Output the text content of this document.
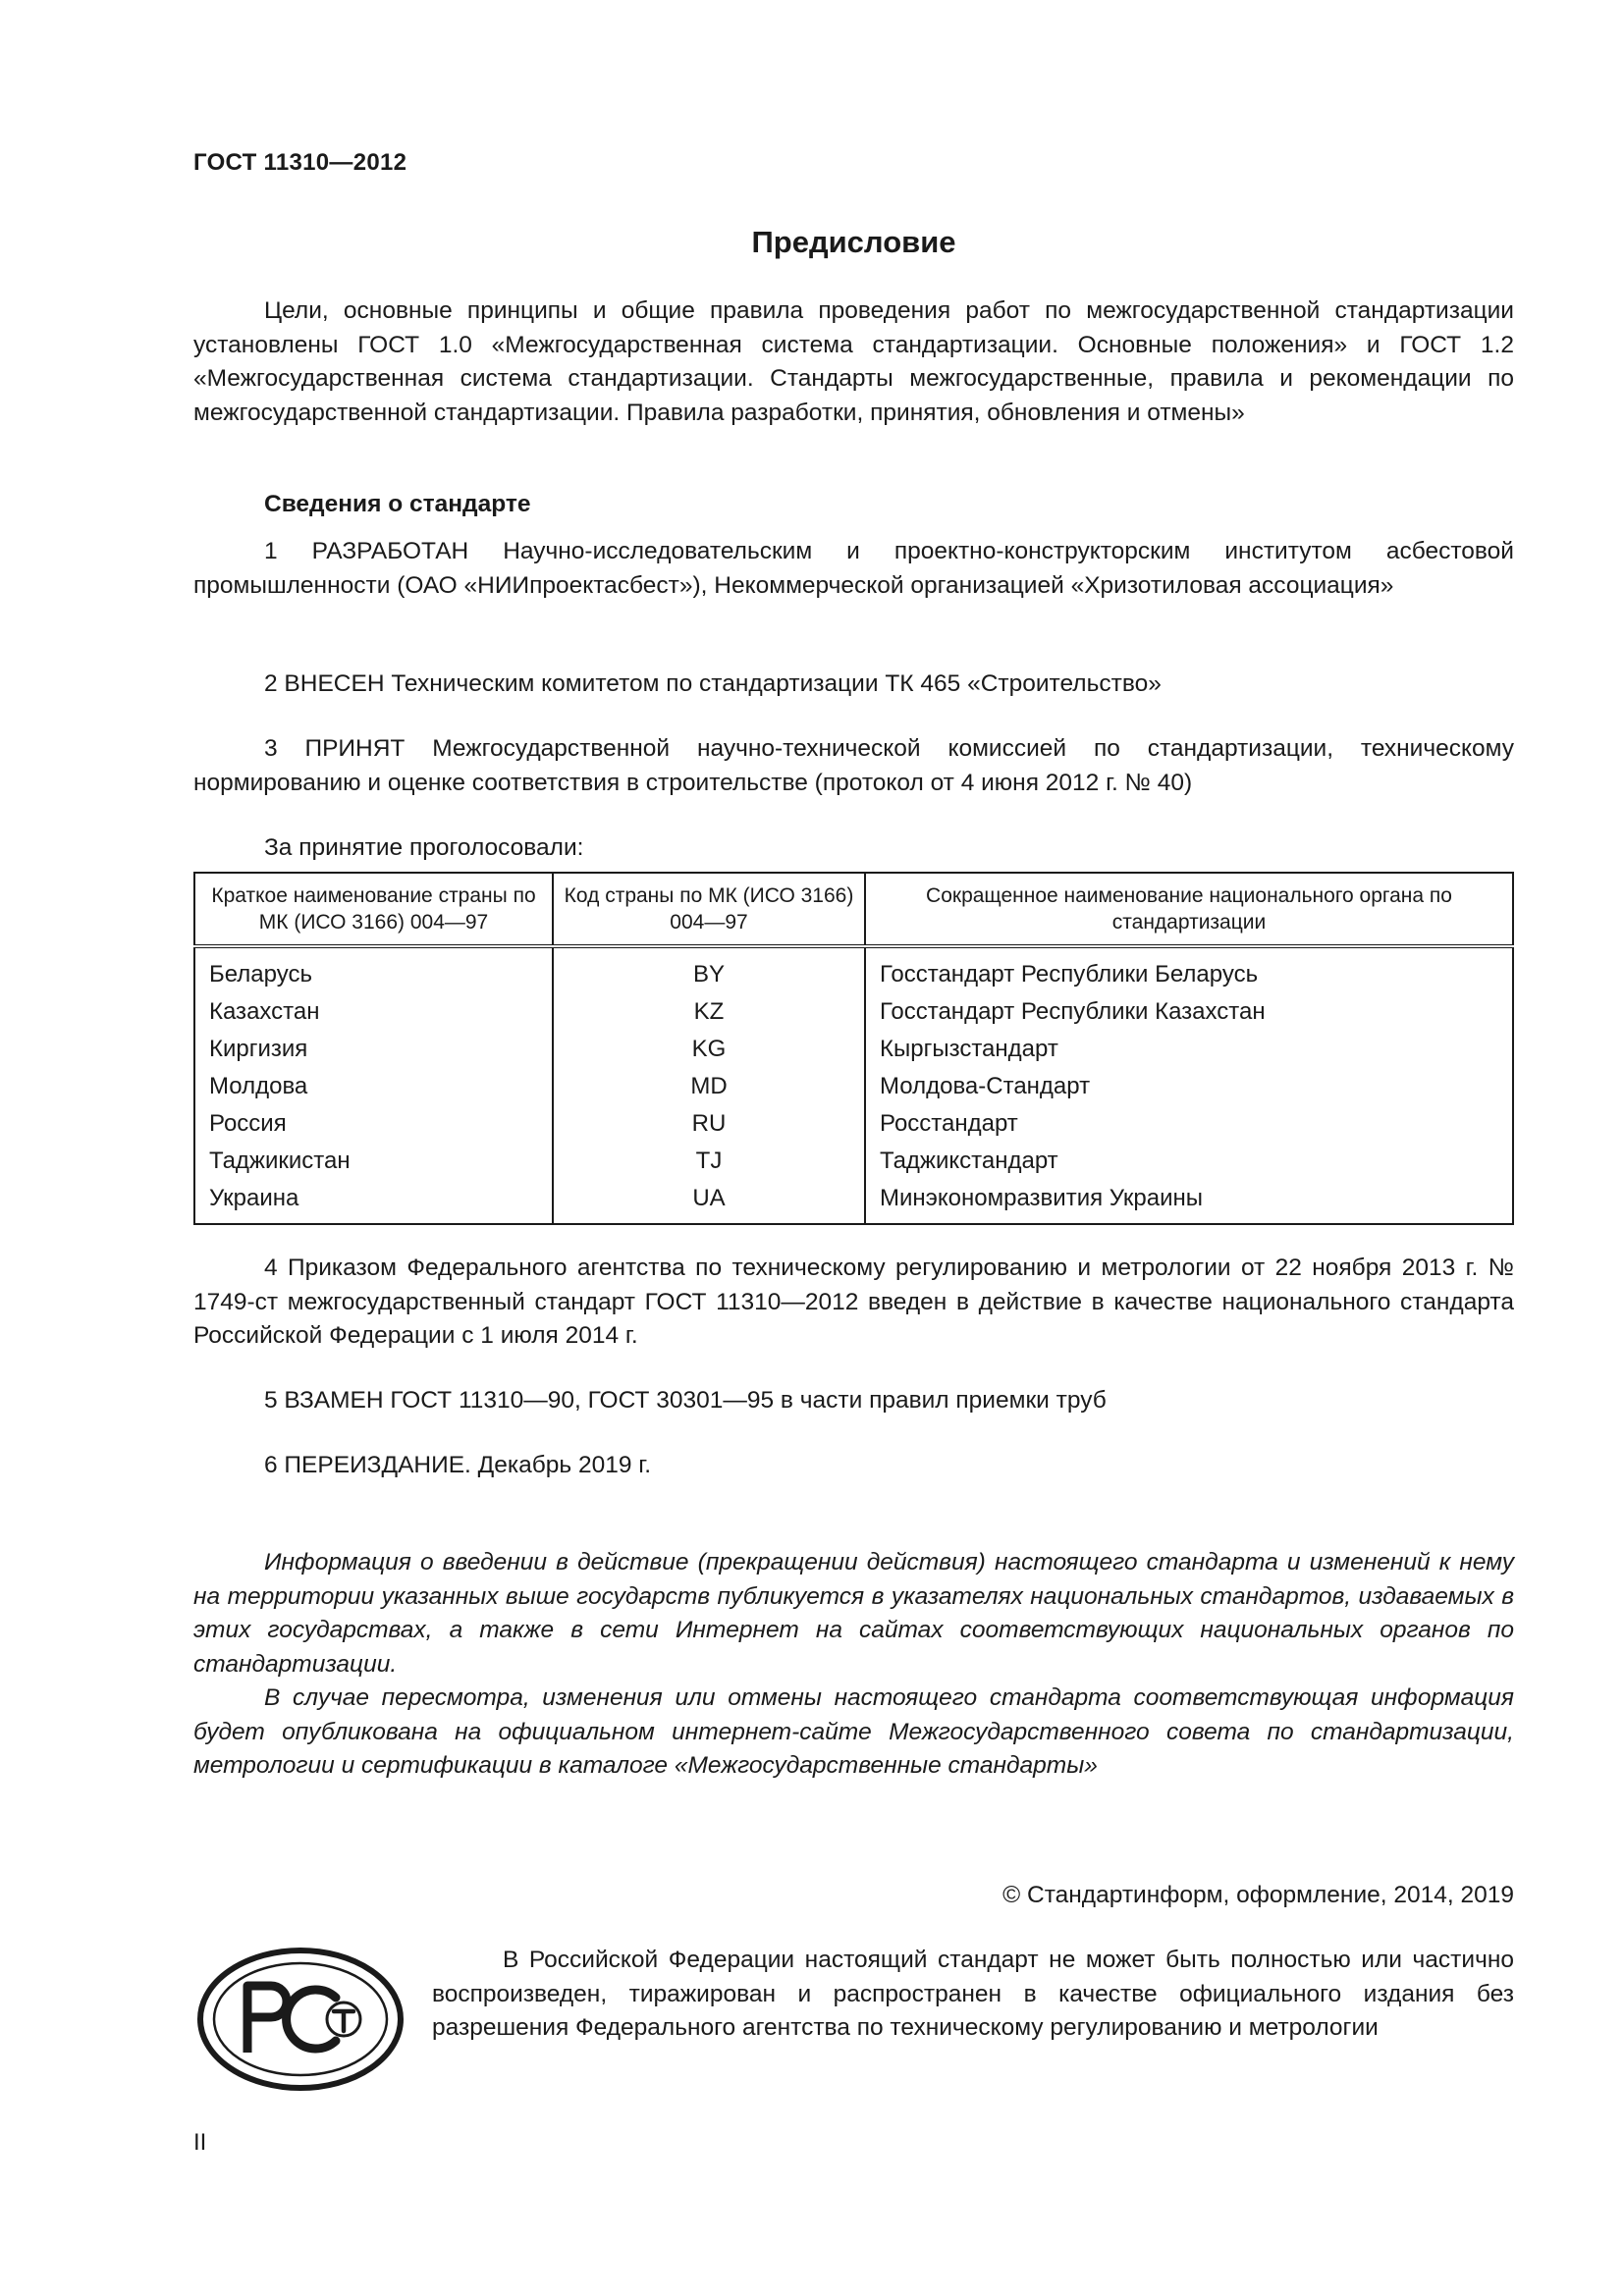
ГОСТ 11310—2012
Предисловие
Цели, основные принципы и общие правила проведения работ по межгосударственной стандартизации установлены ГОСТ 1.0 «Межгосударственная система стандартизации. Основные положения» и ГОСТ 1.2 «Межгосударственная система стандартизации. Стандарты межгосударственные, правила и рекомендации по межгосударственной стандартизации. Правила разработки, принятия, обновления и отмены»
Сведения о стандарте
1 РАЗРАБОТАН Научно-исследовательским и проектно-конструкторским институтом асбестовой промышленности (ОАО «НИИпроектасбест»), Некоммерческой организацией «Хризотиловая ассоциация»
2 ВНЕСЕН Техническим комитетом по стандартизации ТК 465 «Строительство»
3 ПРИНЯТ Межгосударственной научно-технической комиссией по стандартизации, техническому нормированию и оценке соответствия в строительстве (протокол от 4 июня 2012 г. № 40)
За принятие проголосовали:
Краткое наименование страны по МК (ИСО 3166) 004—97	Код страны по МК (ИСО 3166) 004—97	Сокращенное наименование национального органа по стандартизации
Беларусь	BY	Госстандарт Республики Беларусь
Казахстан	KZ	Госстандарт Республики Казахстан
Киргизия	KG	Кыргызстандарт
Молдова	MD	Молдова-Стандарт
Россия	RU	Росстандарт
Таджикистан	TJ	Таджикстандарт
Украина	UA	Минэкономразвития Украины
4 Приказом Федерального агентства по техническому регулированию и метрологии от 22 ноября 2013 г. № 1749-ст межгосударственный стандарт ГОСТ 11310—2012 введен в действие в качестве национального стандарта Российской Федерации с 1 июля 2014 г.
5 ВЗАМЕН ГОСТ 11310—90, ГОСТ 30301—95 в части правил приемки труб
6 ПЕРЕИЗДАНИЕ. Декабрь 2019 г.
Информация о введении в действие (прекращении действия) настоящего стандарта и изменений к нему на территории указанных выше государств публикуется в указателях национальных стандартов, издаваемых в этих государствах, а также в сети Интернет на сайтах соответствующих национальных органов по стандартизации.
В случае пересмотра, изменения или отмены настоящего стандарта соответствующая информация будет опубликована на официальном интернет-сайте Межгосударственного совета по стандартизации, метрологии и сертификации в каталоге «Межгосударственные стандарты»
© Стандартинформ, оформление, 2014, 2019
В Российской Федерации настоящий стандарт не может быть полностью или частично воспроизведен, тиражирован и распространен в качестве официального издания без разрешения Федерального агентства по техническому регулированию и метрологии
II
